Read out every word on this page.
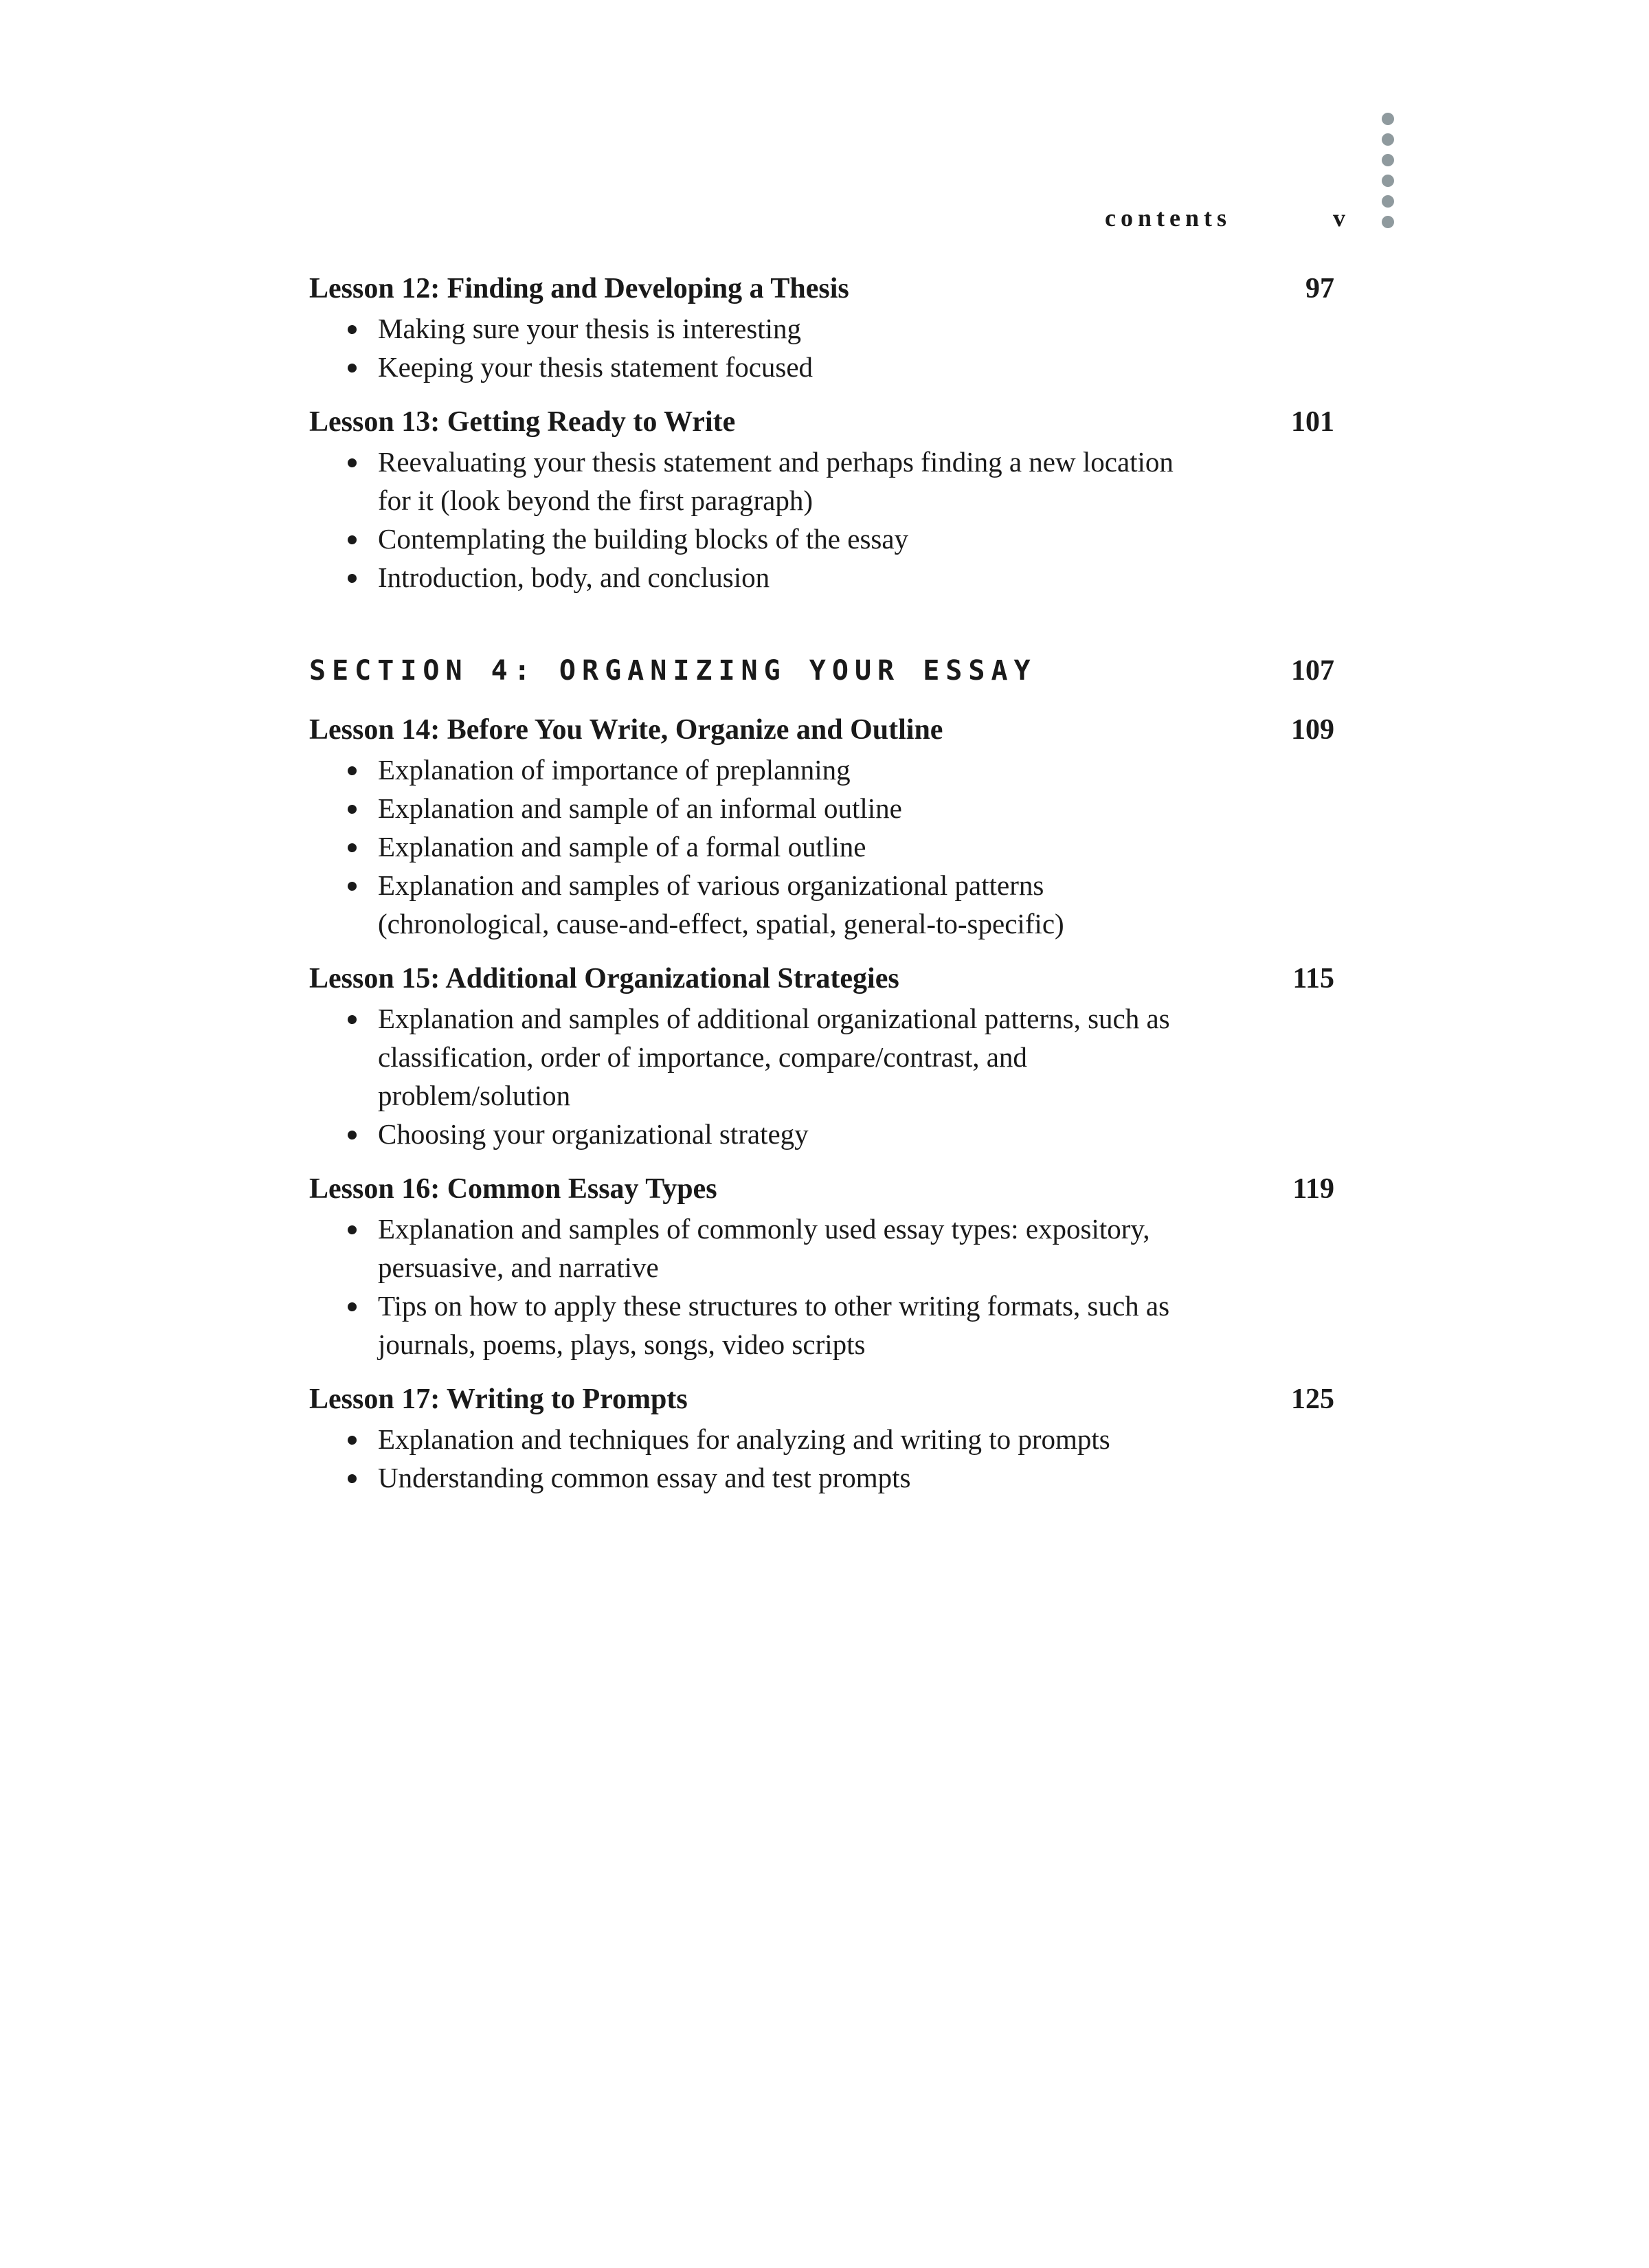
contents	v
Lesson 12: Finding and Developing a Thesis	97
Making sure your thesis is interesting
Keeping your thesis statement focused
Lesson 13: Getting Ready to Write	101
Reevaluating your thesis statement and perhaps finding a new location for it (look beyond the first paragraph)
Contemplating the building blocks of the essay
Introduction, body, and conclusion
SECTION 4: ORGANIZING YOUR ESSAY	107
Lesson 14: Before You Write, Organize and Outline	109
Explanation of importance of preplanning
Explanation and sample of an informal outline
Explanation and sample of a formal outline
Explanation and samples of various organizational patterns (chronological, cause-and-effect, spatial, general-to-specific)
Lesson 15: Additional Organizational Strategies	115
Explanation and samples of additional organizational patterns, such as classification, order of importance, compare/contrast, and problem/solution
Choosing your organizational strategy
Lesson 16: Common Essay Types	119
Explanation and samples of commonly used essay types: expository, persuasive, and narrative
Tips on how to apply these structures to other writing formats, such as journals, poems, plays, songs, video scripts
Lesson 17: Writing to Prompts	125
Explanation and techniques for analyzing and writing to prompts
Understanding common essay and test prompts
